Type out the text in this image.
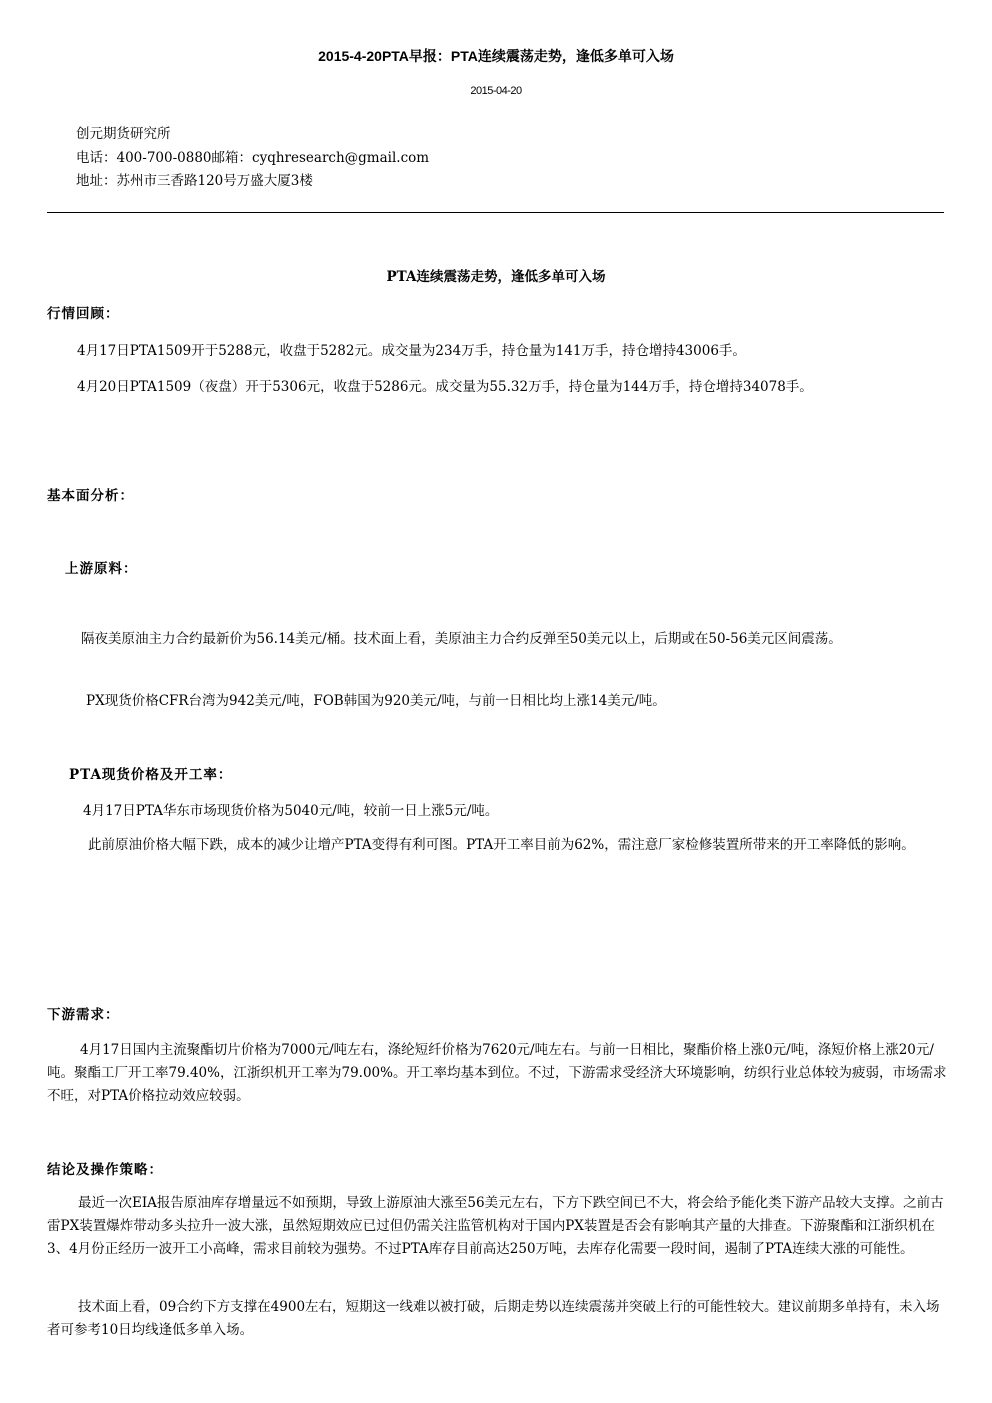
2015-4-20PTA早报：PTA连续震荡走势，逢低多单可入场
2015-04-20
创元期货研究所
电话：400-700-0880邮箱：cyqhresearch@gmail.com
地址：苏州市三香路120号万盛大厦3楼
PTA连续震荡走势，逢低多单可入场
行情回顾：
4月17日PTA1509开于5288元，收盘于5282元。成交量为234万手，持仓量为141万手，持仓增持43006手。
4月20日PTA1509（夜盘）开于5306元，收盘于5286元。成交量为55.32万手，持仓量为144万手，持仓增持34078手。
基本面分析：
上游原料：
隔夜美原油主力合约最新价为56.14美元/桶。技术面上看，美原油主力合约反弹至50美元以上，后期或在50-56美元区间震荡。
PX现货价格CFR台湾为942美元/吨，FOB韩国为920美元/吨，与前一日相比均上涨14美元/吨。
PTA现货价格及开工率：
4月17日PTA华东市场现货价格为5040元/吨，较前一日上涨5元/吨。
此前原油价格大幅下跌，成本的减少让增产PTA变得有利可图。PTA开工率目前为62%，需注意厂家检修装置所带来的开工率降低的影响。
下游需求：
4月17日国内主流聚酯切片价格为7000元/吨左右，涤纶短纤价格为7620元/吨左右。与前一日相比，聚酯价格上涨0元/吨，涤短价格上涨20元/吨。聚酯工厂开工率79.40%，江浙织机开工率为79.00%。开工率均基本到位。不过，下游需求受经济大环境影响，纺织行业总体较为疲弱，市场需求不旺，对PTA价格拉动效应较弱。
结论及操作策略：
最近一次EIA报告原油库存增量远不如预期，导致上游原油大涨至56美元左右，下方下跌空间已不大，将会给予能化类下游产品较大支撑。之前古雷PX装置爆炸带动多头拉升一波大涨，虽然短期效应已过但仍需关注监管机构对于国内PX装置是否会有影响其产量的大排查。下游聚酯和江浙织机在3、4月份正经历一波开工小高峰，需求目前较为强势。不过PTA库存目前高达250万吨，去库存化需要一段时间，遏制了PTA连续大涨的可能性。
技术面上看，09合约下方支撑在4900左右，短期这一线难以被打破，后期走势以连续震荡并突破上行的可能性较大。建议前期多单持有，未入场者可参考10日均线逢低多单入场。
